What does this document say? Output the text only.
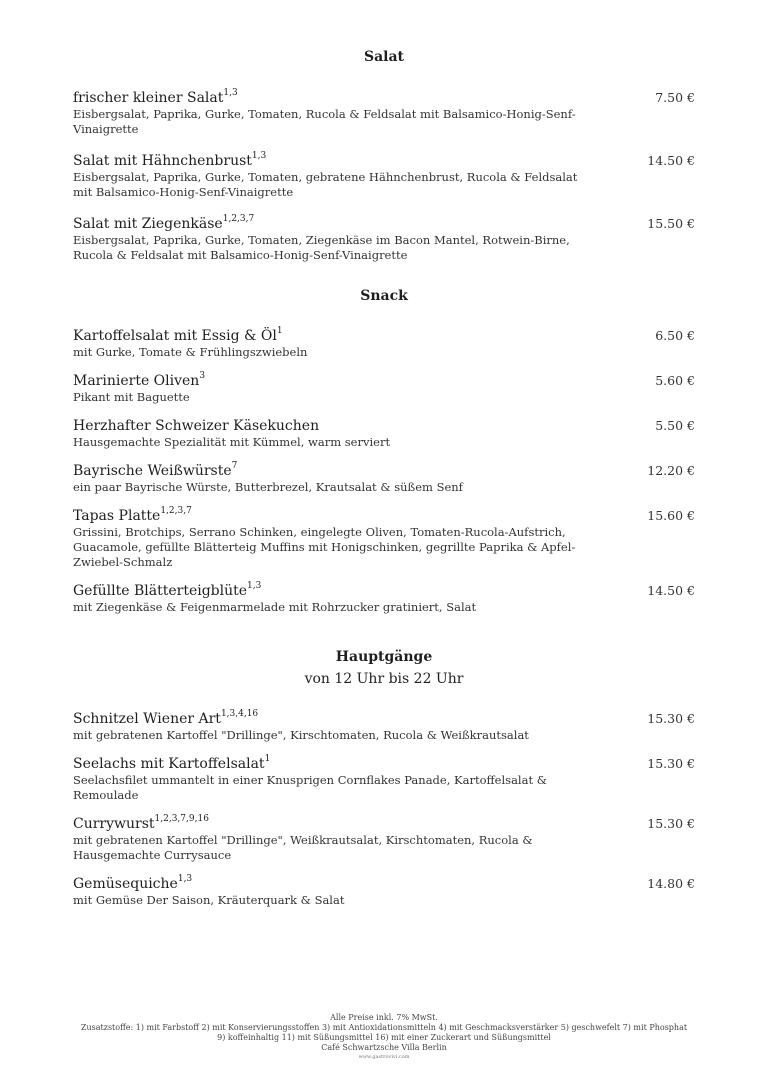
Salat
frischer kleiner Salat$^{1,3}$
Eisbergsalat, Paprika, Gurke, Tomaten, Rucola & Feldsalat mit Balsamico-Honig-Senf-Vinaigrette
7.50 €
Salat mit Hähnchenbrust$^{1,3}$
Eisbergsalat, Paprika, Gurke, Tomaten, gebratene Hähnchenbrust, Rucola & Feldsalat mit Balsamico-Honig-Senf-Vinaigrette
14.50 €
Salat mit Ziegenkäse$^{1,2,3,7}$
Eisbergsalat, Paprika, Gurke, Tomaten, Ziegenkäse im Bacon Mantel, Rotwein-Birne, Rucola & Feldsalat mit Balsamico-Honig-Senf-Vinaigrette
15.50 €
Snack
Kartoffelsalat mit Essig & $Öl^1$
mit Gurke, Tomate & Frühlingszwiebeln
6.50 €
Marinierte Oliven$^3$
Pikant mit Baguette
5.60 €
Herzhafter Schweizer Käsekuchen
Hausgemachte Spezialität mit Kümmel, warm serviert
5.50 €
Bayrische Weißwürste$^7$
ein paar Bayrische Würste, Butterbrezel, Krautsalat & süßem Senf
12.20 €
Tapas Platte$^{1,2,3,7}$
Grissini, Brotchips, Serrano Schinken, eingelegte Oliven, Tomaten-Rucola-Aufstrich, Guacamole, gefüllte Blätterteig Muffins mit Honigschinken, gegrillte Paprika & Apfel-Zwiebel-Schmalz
15.60 €
Gefüllte Blätterteigblüte$^{1,3}$
mit Ziegenkäse & Feigenmarmelade mit Rohrzucker gratiniert, Salat
14.50 €
Hauptgänge
von 12 Uhr bis 22 Uhr
Schnitzel Wiener Art$^{1,3,4,16}$
mit gebratenen Kartoffel "Drillinge", Kirschtomaten, Rucola & Weißkrautsalat
15.30 €
Seelachs mit Kartoffelsalat$^1$
Seelachsfilet ummantelt in einer Knusprigen Cornflakes Panade, Kartoffelsalat & Remoulade
15.30 €
Currywurst$^{1,2,3,7,9,16}$
mit gebratenen Kartoffel "Drillinge", Weißkrautsalat, Kirschtomaten, Rucola & Hausgemachte Currysauce
15.30 €
Gemüsequiche$^{1,3}$
mit Gemüse Der Saison, Kräuterquark & Salat
14.80 €
Alle Preise inkl. 7% MwSt.
Zusatzstoffe: 1) mit Farbstoff 2) mit Konservierungsstoffen 3) mit Antioxidationsmitteln 4) mit Geschmacksverstärker 5) geschwefelt 7) mit Phosphat
9) koffeinhaltig 11) mit Süßungsmittel 16) mit einer Zuckerart und Süßungsmittel
Café Schwartzsche Villa Berlin
www.gastrovivi.com
